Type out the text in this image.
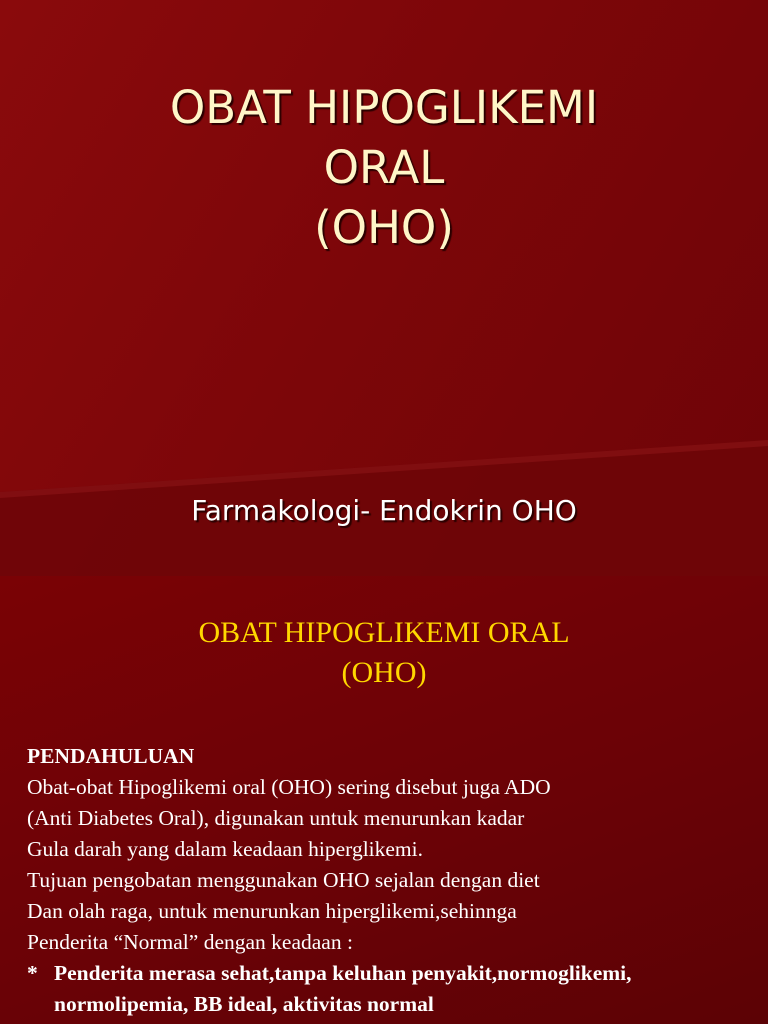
OBAT HIPOGLIKEMI
ORAL
(OHO)

Farmakologi- Endokrin OHO

OBAT HIPOGLIKEMI ORAL
(OHO)
PENDAHULUAN
Obat-obat Hipoglikemi oral (OHO) sering disebut juga ADO
(Anti Diabetes Oral), digunakan untuk menurunkan kadar
Gula darah yang dalam keadaan hiperglikemi.
Tujuan pengobatan menggunakan OHO sejalan dengan diet
Dan olah raga, untuk menurunkan hiperglikemi,sehinnga
Penderita “Normal” dengan keadaan :
* Penderita merasa sehat,tanpa keluhan penyakit,normoglikemi,
normolipemia, BB ideal, aktivitas normal
